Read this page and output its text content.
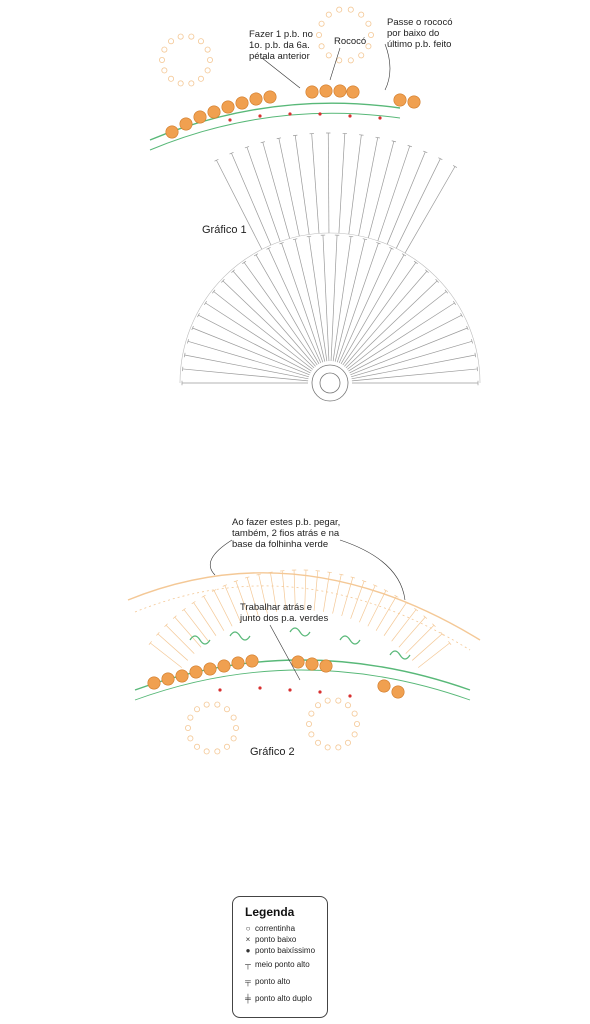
Gráfico 1
Fazer 1 p.b. no
1o. p.b. da 6a.
pétala anterior
Rococó
Passe o rococó
por baixo do
último p.b. feito
Gráfico 2
Ao fazer estes p.b. pegar,
também, 2 fios atrás e na
base da folhinha verde
Trabalhar atrás e
junto dos p.a. verdes
Legenda
○ correntinha
× ponto baixo
● ponto baixíssimo
┬ meio ponto alto
╤ ponto alto
╪ ponto alto duplo
